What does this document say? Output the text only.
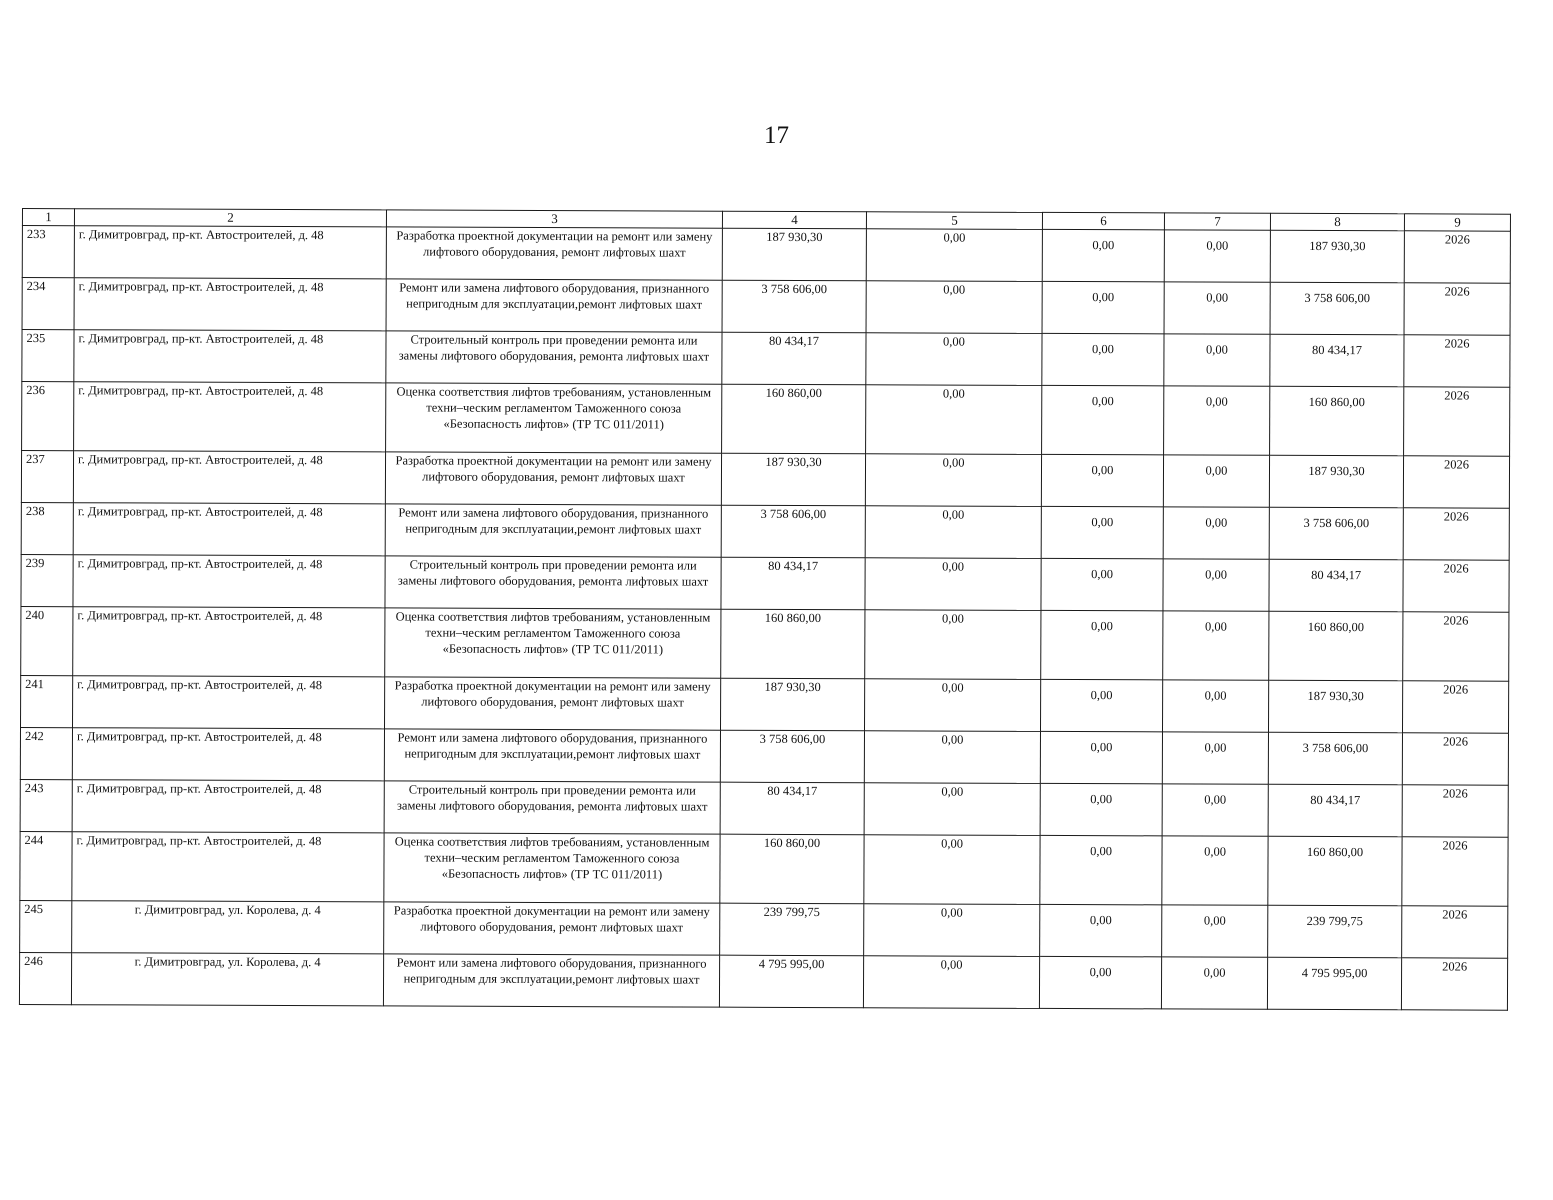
17
1	2	3	4	5	6	7	8	9
233	г. Димитровград, пр-кт. Автостроителей, д. 48	Разработка проектной документации на ремонт или замену лифтового оборудования, ремонт лифтовых шахт	187 930,30	0,00	0,00	0,00	187 930,30	2026
234	г. Димитровград, пр-кт. Автостроителей, д. 48	Ремонт или замена лифтового оборудования, признанного непригодным для эксплуатации,ремонт лифтовых шахт	3 758 606,00	0,00	0,00	0,00	3 758 606,00	2026
235	г. Димитровград, пр-кт. Автостроителей, д. 48	Строительный контроль при проведении ремонта или замены лифтового оборудования, ремонта лифтовых шахт	80 434,17	0,00	0,00	0,00	80 434,17	2026
236	г. Димитровград, пр-кт. Автостроителей, д. 48	Оценка соответствия лифтов требованиям, установленным техни–ческим регламентом Таможенного союза «Безопасность лифтов» (ТР ТС 011/2011)	160 860,00	0,00	0,00	0,00	160 860,00	2026
237	г. Димитровград, пр-кт. Автостроителей, д. 48	Разработка проектной документации на ремонт или замену лифтового оборудования, ремонт лифтовых шахт	187 930,30	0,00	0,00	0,00	187 930,30	2026
238	г. Димитровград, пр-кт. Автостроителей, д. 48	Ремонт или замена лифтового оборудования, признанного непригодным для эксплуатации,ремонт лифтовых шахт	3 758 606,00	0,00	0,00	0,00	3 758 606,00	2026
239	г. Димитровград, пр-кт. Автостроителей, д. 48	Строительный контроль при проведении ремонта или замены лифтового оборудования, ремонта лифтовых шахт	80 434,17	0,00	0,00	0,00	80 434,17	2026
240	г. Димитровград, пр-кт. Автостроителей, д. 48	Оценка соответствия лифтов требованиям, установленным техни–ческим регламентом Таможенного союза «Безопасность лифтов» (ТР ТС 011/2011)	160 860,00	0,00	0,00	0,00	160 860,00	2026
241	г. Димитровград, пр-кт. Автостроителей, д. 48	Разработка проектной документации на ремонт или замену лифтового оборудования, ремонт лифтовых шахт	187 930,30	0,00	0,00	0,00	187 930,30	2026
242	г. Димитровград, пр-кт. Автостроителей, д. 48	Ремонт или замена лифтового оборудования, признанного непригодным для эксплуатации,ремонт лифтовых шахт	3 758 606,00	0,00	0,00	0,00	3 758 606,00	2026
243	г. Димитровград, пр-кт. Автостроителей, д. 48	Строительный контроль при проведении ремонта или замены лифтового оборудования, ремонта лифтовых шахт	80 434,17	0,00	0,00	0,00	80 434,17	2026
244	г. Димитровград, пр-кт. Автостроителей, д. 48	Оценка соответствия лифтов требованиям, установленным техни–ческим регламентом Таможенного союза «Безопасность лифтов» (ТР ТС 011/2011)	160 860,00	0,00	0,00	0,00	160 860,00	2026
245	г. Димитровград, ул. Королева, д. 4	Разработка проектной документации на ремонт или замену лифтового оборудования, ремонт лифтовых шахт	239 799,75	0,00	0,00	0,00	239 799,75	2026
246	г. Димитровград, ул. Королева, д. 4	Ремонт или замена лифтового оборудования, признанного непригодным для эксплуатации,ремонт лифтовых шахт	4 795 995,00	0,00	0,00	0,00	4 795 995,00	2026
